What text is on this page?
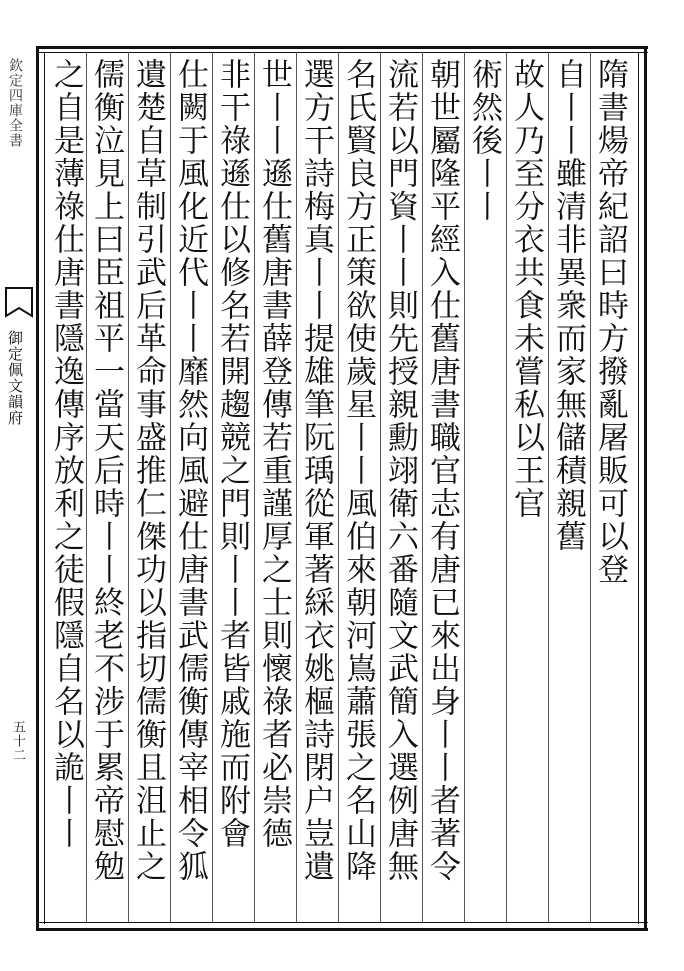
欽定四庫全書
御定佩文韻府
五十二
隋書煬帝紀詔曰時方撥亂屠販可以登
自丨丨雖清非異衆而家無儲積親舊
故人乃至分衣共食未嘗私以王官
術然後丨丨
朝世屬隆平經入仕舊唐書職官志有唐已來出身丨丨者著令
流若以門資丨丨則先授親勳翊衛六番隨文武簡入選例唐無
名氏賢良方正策欲使歲星丨丨風伯來朝河嶌蕭張之名山降
選方干詩梅真丨丨提雄筆阮瑀從軍著綵衣姚樞詩閉户豈遺
世丨丨遜仕舊唐書薛登傳若重謹厚之士則懷祿者必崇德
非干祿遜仕以修名若開趨競之門則丨丨者皆戚施而附會
仕闕于風化近代丨丨靡然向風避仕唐書武儒衡傳宰相令狐
遺楚自草制引武后革命事盛推仁傑功以指切儒衡且沮止之
儒衡泣見上曰臣祖平一當天后時丨丨終老不涉于累帝慰勉
之自是薄祿仕唐書隱逸傳序放利之徒假隱自名以詭丨丨
